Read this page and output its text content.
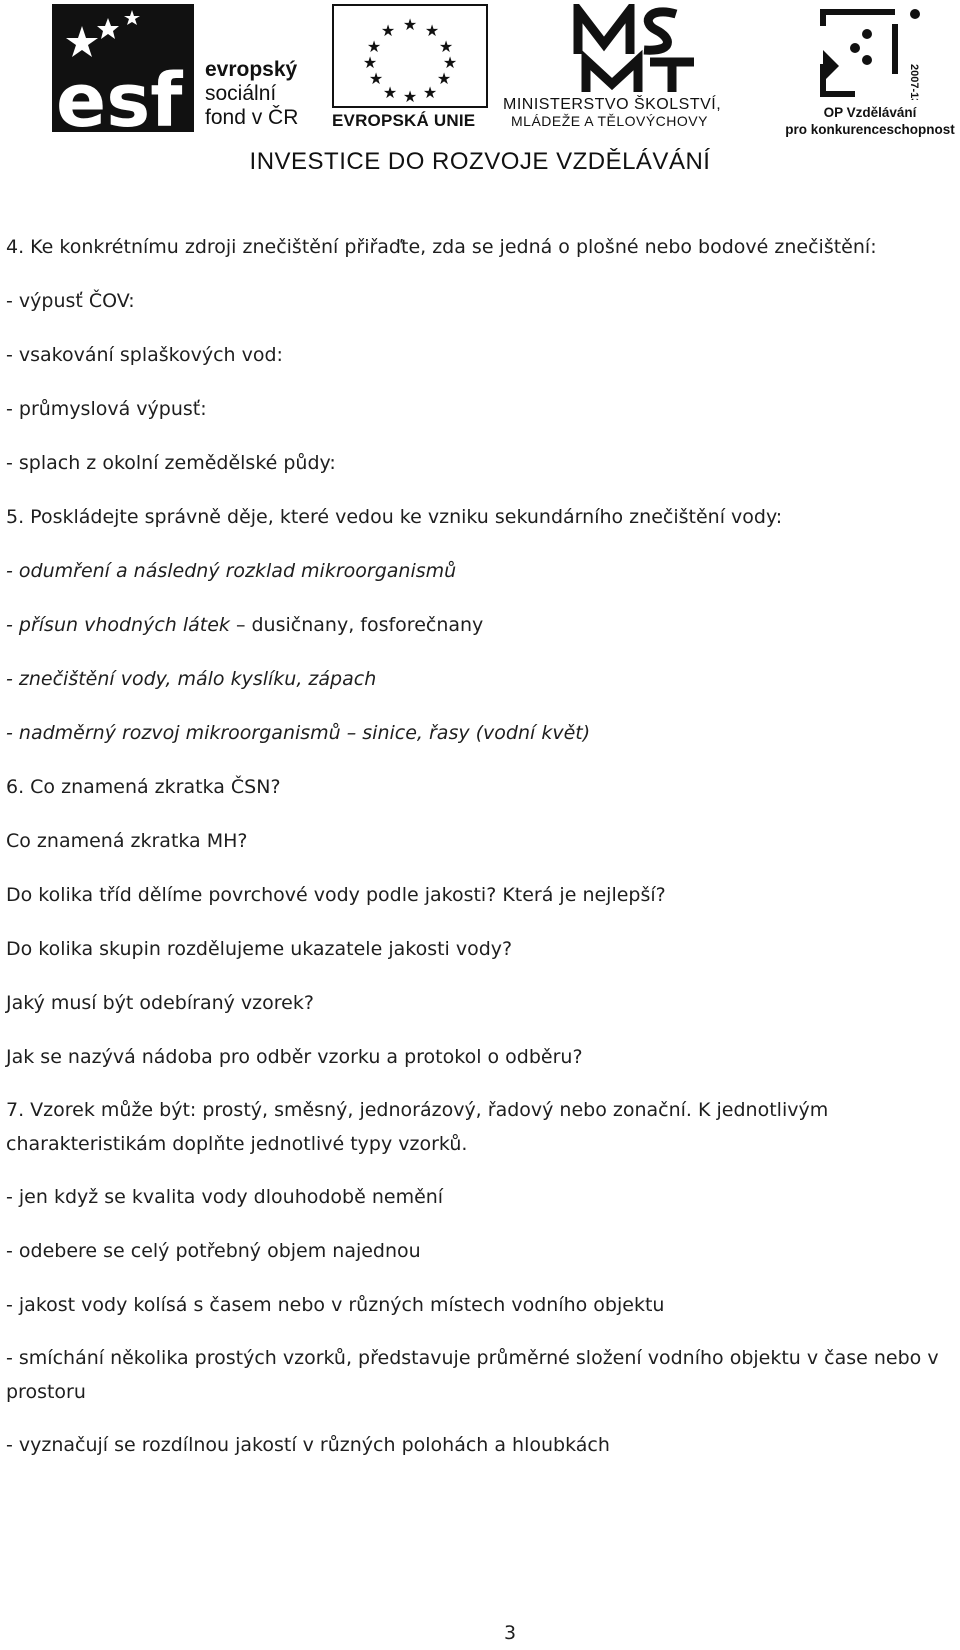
esf evropský
sociální
fond v ČR
★ ★
★
★
★
★
★
★
★
★
★
★
EVROPSKÁ UNIE
MINISTERSTVO ŠKOLSTVÍ,
MLÁDEŽE A TĚLOVÝCHOVY
2007-13
OP Vzdělávání
pro konkurenceschopnost
INVESTICE DO ROZVOJE VZDĚLÁVÁNÍ
4. Ke konkrétnímu zdroji znečištění přiřaďte, zda se jedná o plošné nebo bodové znečištění:
- výpusť ČOV:
- vsakování splaškových vod:
- průmyslová výpusť:
- splach z okolní zemědělské půdy:
5. Poskládejte správně děje, které vedou ke vzniku sekundárního znečištění vody:
- odumření a následný rozklad mikroorganismů
- přísun vhodných látek – dusičnany, fosforečnany
- znečištění vody, málo kyslíku, zápach
- nadměrný rozvoj mikroorganismů – sinice, řasy (vodní květ)
6. Co znamená zkratka ČSN?
Co znamená zkratka MH?
Do kolika tříd dělíme povrchové vody podle jakosti? Která je nejlepší?
Do kolika skupin rozdělujeme ukazatele jakosti vody?
Jaký musí být odebíraný vzorek?
Jak se nazývá nádoba pro odběr vzorku a protokol o odběru?
7. Vzorek může být: prostý, směsný, jednorázový, řadový nebo zonační. K jednotlivým charakteristikám doplňte jednotlivé typy vzorků.
- jen když se kvalita vody dlouhodobě nemění
- odebere se celý potřebný objem najednou
- jakost vody kolísá s časem nebo v různých místech vodního objektu
- smíchání několika prostých vzorků, představuje průměrné složení vodního objektu v čase nebo v prostoru
- vyznačují se rozdílnou jakostí v různých polohách a hloubkách
3
